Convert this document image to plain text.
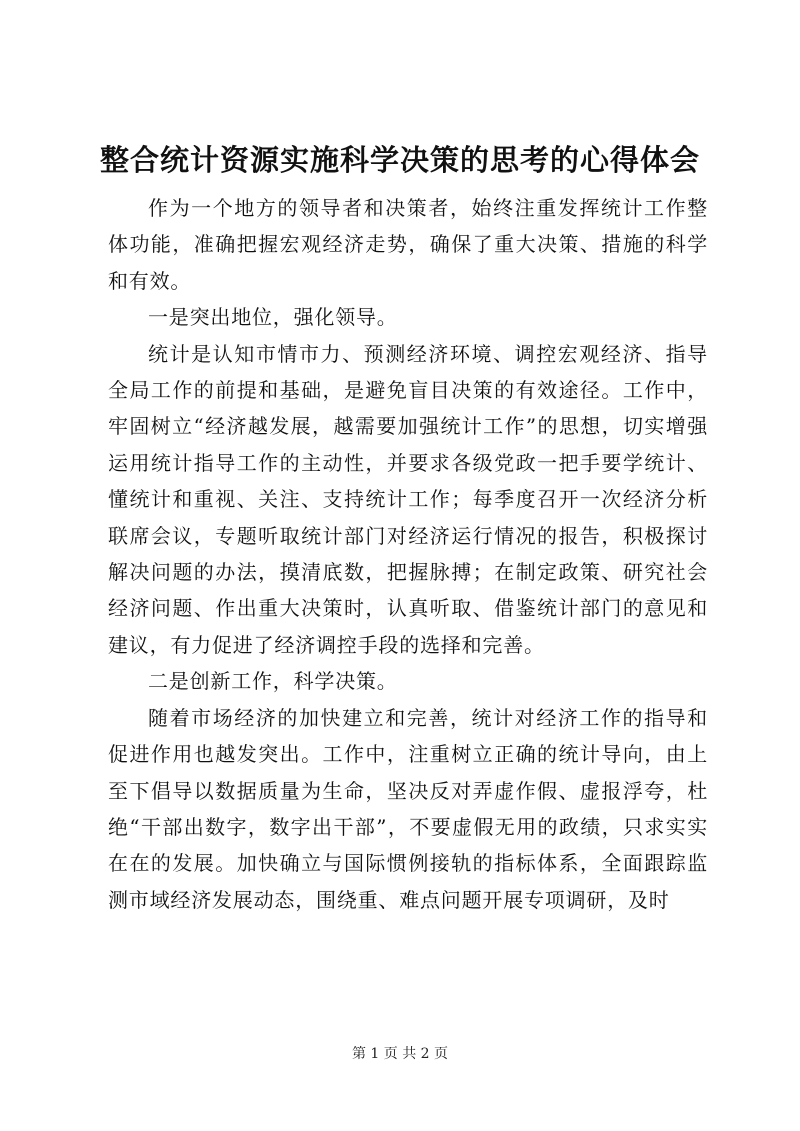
整合统计资源实施科学决策的思考的心得体会

作为一个地方的领导者和决策者，始终注重发挥统计工作整体功能，准确把握宏观经济走势，确保了重大决策、措施的科学和有效。

一是突出地位，强化领导。

统计是认知市情市力、预测经济环境、调控宏观经济、指导全局工作的前提和基础，是避免盲目决策的有效途径。工作中，牢固树立“经济越发展，越需要加强统计工作”的思想，切实增强运用统计指导工作的主动性，并要求各级党政一把手要学统计、懂统计和重视、关注、支持统计工作；每季度召开一次经济分析联席会议，专题听取统计部门对经济运行情况的报告，积极探讨解决问题的办法，摸清底数，把握脉搏；在制定政策、研究社会经济问题、作出重大决策时，认真听取、借鉴统计部门的意见和建议，有力促进了经济调控手段的选择和完善。

二是创新工作，科学决策。

随着市场经济的加快建立和完善，统计对经济工作的指导和促进作用也越发突出。工作中，注重树立正确的统计导向，由上至下倡导以数据质量为生命，坚决反对弄虚作假、虚报浮夸，杜绝“干部出数字，数字出干部”，不要虚假无用的政绩，只求实实在在的发展。加快确立与国际惯例接轨的指标体系，全面跟踪监测市域经济发展动态，围绕重、难点问题开展专项调研，及时

第 1 页 共 2 页
